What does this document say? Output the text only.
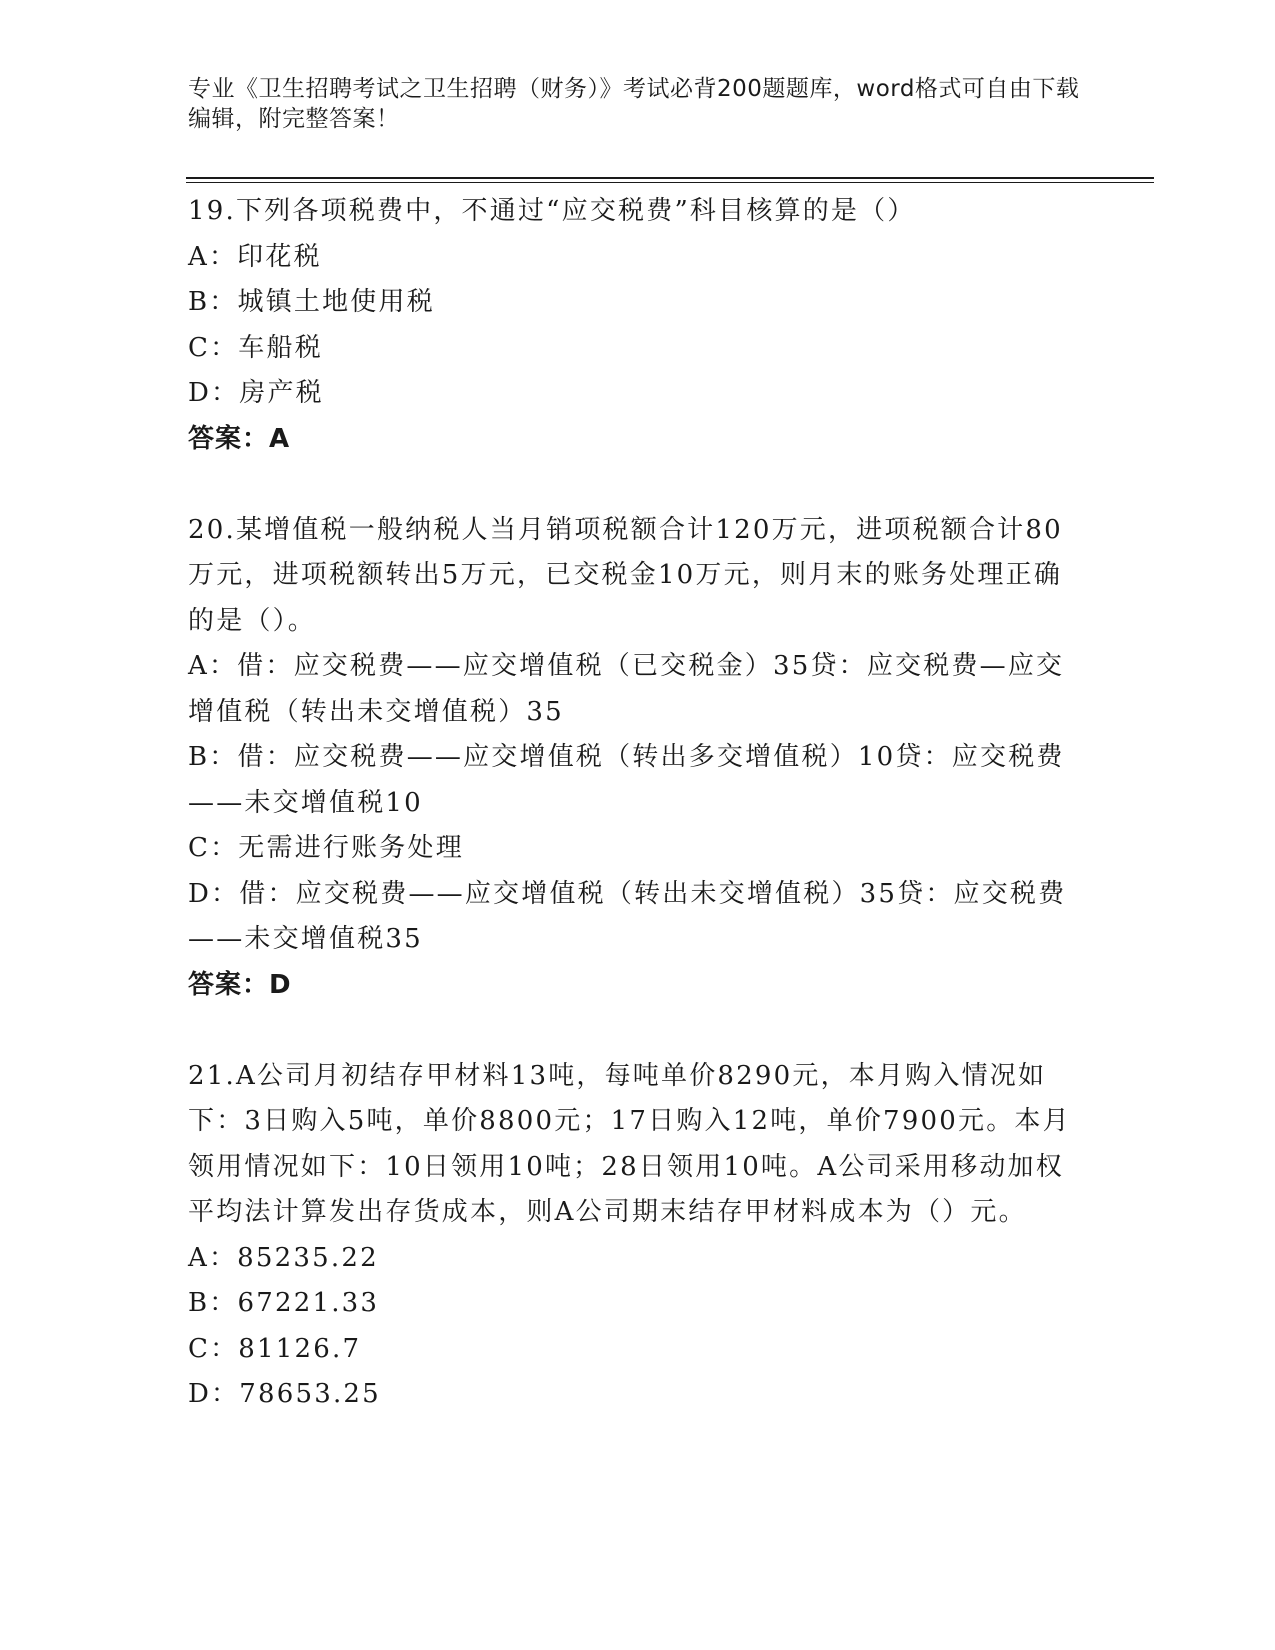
专业《卫生招聘考试之卫生招聘（财务）》考试必背200题题库，word格式可自由下载编辑，附完整答案！
19.下列各项税费中，不通过“应交税费”科目核算的是（）
A：印花税
B：城镇土地使用税
C：车船税
D：房产税
答案：A
20.某增值税一般纳税人当月销项税额合计120万元，进项税额合计80万元，进项税额转出5万元，已交税金10万元，则月末的账务处理正确的是（）。
A：借：应交税费——应交增值税（已交税金）35贷：应交税费—应交增值税（转出未交增值税）35
B：借：应交税费——应交增值税（转出多交增值税）10贷：应交税费——未交增值税10
C：无需进行账务处理
D：借：应交税费——应交增值税（转出未交增值税）35贷：应交税费——未交增值税35
答案：D
21.A公司月初结存甲材料13吨，每吨单价8290元，本月购入情况如下：3日购入5吨，单价8800元；17日购入12吨，单价7900元。本月领用情况如下：10日领用10吨；28日领用10吨。A公司采用移动加权平均法计算发出存货成本，则A公司期末结存甲材料成本为（）元。
A：85235.22
B：67221.33
C：81126.7
D：78653.25
